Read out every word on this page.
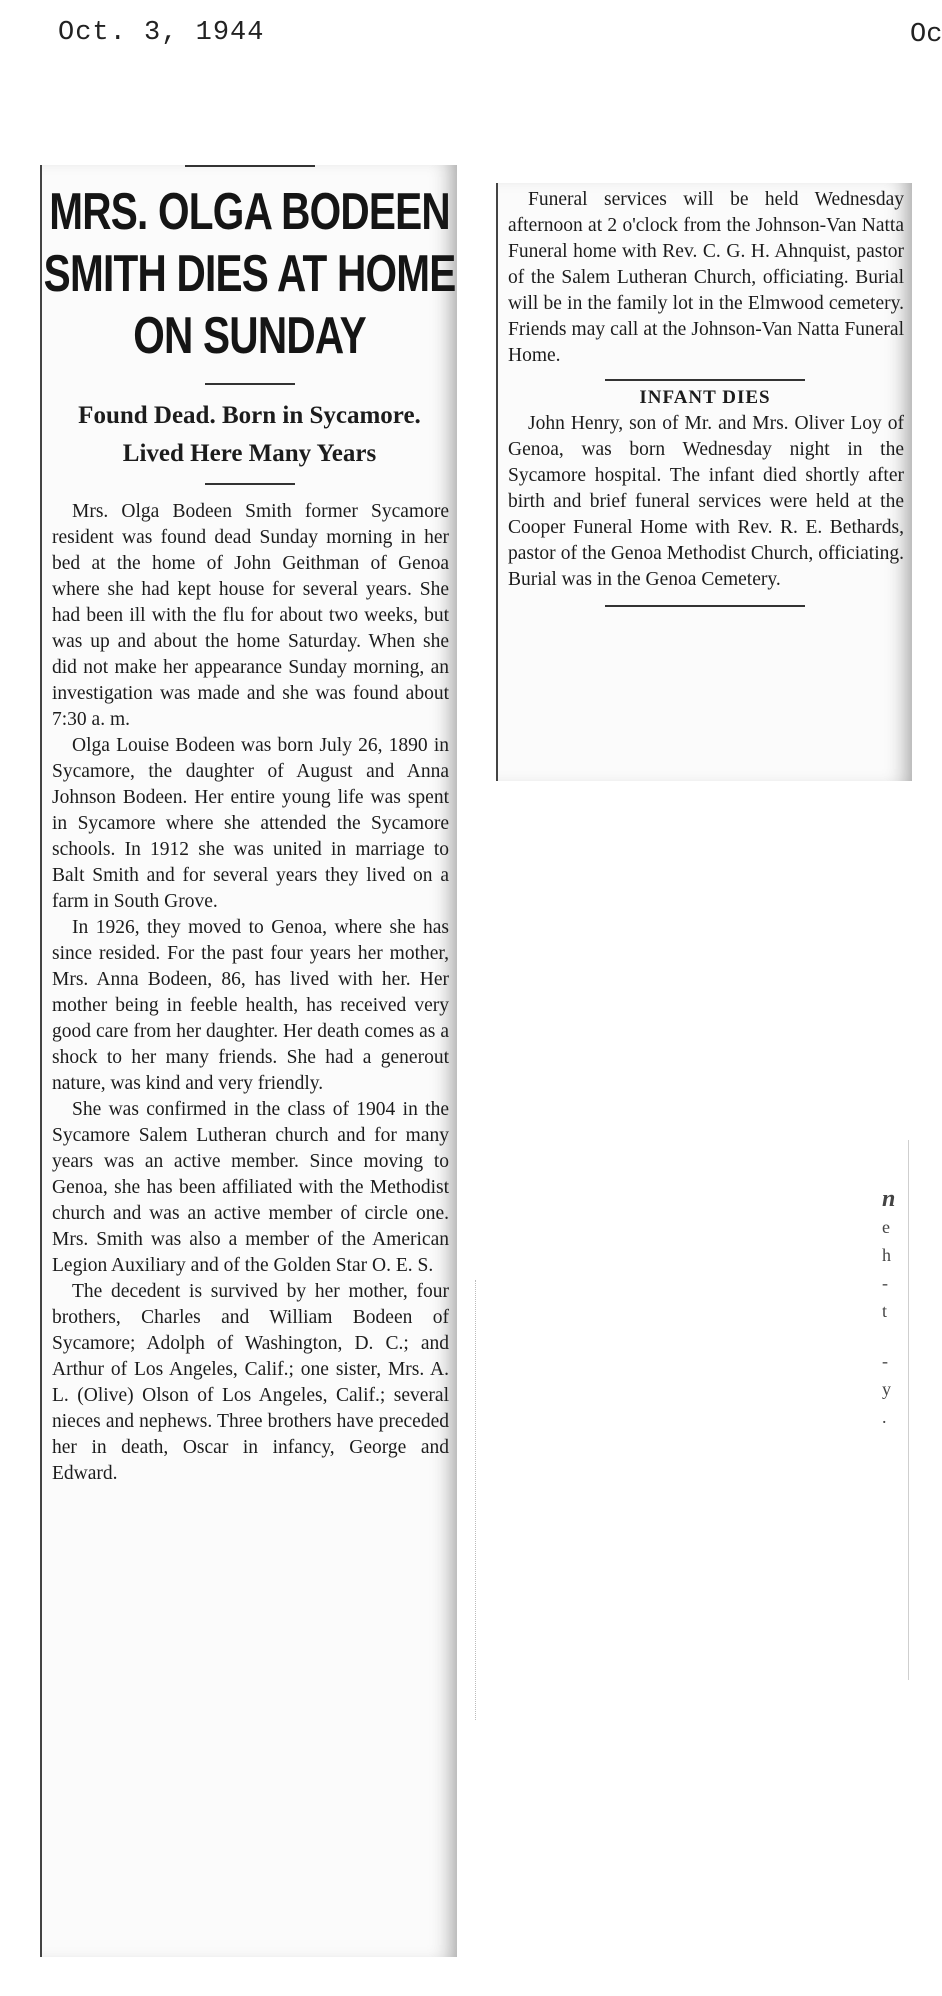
Oct. 3, 1944	Oc
MRS. OLGA BODEEN SMITH DIES AT HOME ON SUNDAY
Found Dead. Born in Sycamore. Lived Here Many Years

Mrs. Olga Bodeen Smith former Sycamore resident was found dead Sunday morning in her bed at the home of John Geithman of Genoa where she had kept house for several years. She had been ill with the flu for about two weeks, but was up and about the home Saturday. When she did not make her appearance Sunday morning, an investigation was made and she was found about 7:30 a. m.

Olga Louise Bodeen was born July 26, 1890 in Sycamore, the daughter of August and Anna Johnson Bodeen. Her entire young life was spent in Sycamore where she attended the Sycamore schools. In 1912 she was united in marriage to Balt Smith and for several years they lived on a farm in South Grove.

In 1926, they moved to Genoa, where she has since resided. For the past four years her mother, Mrs. Anna Bodeen, 86, has lived with her. Her mother being in feeble health, has received very good care from her daughter. Her death comes as a shock to her many friends. She had a generout nature, was kind and very friendly.

She was confirmed in the class of 1904 in the Sycamore Salem Lutheran church and for many years was an active member. Since moving to Genoa, she has been affiliated with the Methodist church and was an active member of circle one. Mrs. Smith was also a member of the American Legion Auxiliary and of the Golden Star O. E. S.

The decedent is survived by her mother, four brothers, Charles and William Bodeen of Sycamore; Adolph of Washington, D. C.; and Arthur of Los Angeles, Calif.; one sister, Mrs. A. L. (Olive) Olson of Los Angeles, Calif.; several nieces and nephews. Three brothers have preceded her in death, Oscar in infancy, George and Edward.

Funeral services will be held Wednesday afternoon at 2 o'clock from the Johnson-Van Natta Funeral home with Rev. C. G. H. Ahnquist, pastor of the Salem Lutheran Church, officiating. Burial will be in the family lot in the Elmwood cemetery. Friends may call at the Johnson-Van Natta Funeral Home.

INFANT DIES

John Henry, son of Mr. and Mrs. Oliver Loy of Genoa, was born Wednesday night in the Sycamore hospital. The infant died shortly after birth and brief funeral services were held at the Cooper Funeral Home with Rev. R. E. Bethards, pastor of the Genoa Methodist Church, officiating. Burial was in the Genoa Cemetery.

n
e
h
-
t
-
y
.
